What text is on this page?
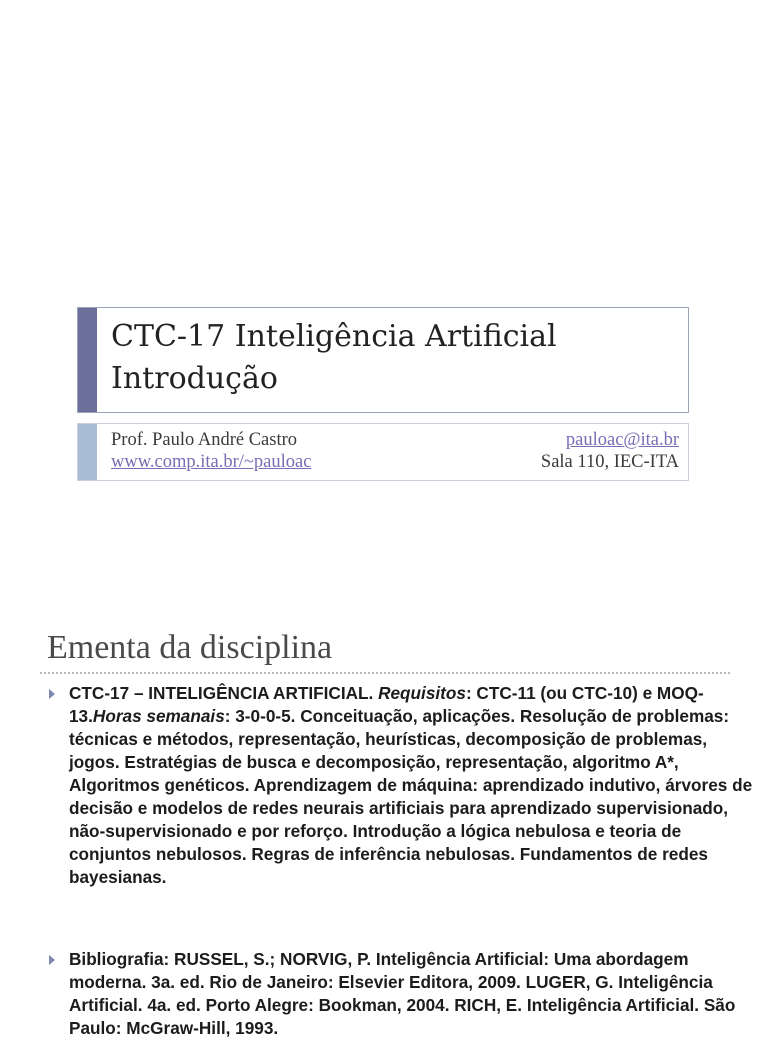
CTC-17 Inteligência Artificial
Introdução
Prof. Paulo André Castro
www.comp.ita.br/~pauloac
pauloac@ita.br
Sala 110, IEC-ITA
Ementa da disciplina

CTC-17 – INTELIGÊNCIA ARTIFICIAL. Requisitos: CTC-11 (ou CTC-10) e MOQ-13.Horas semanais: 3-0-0-5. Conceituação, aplicações. Resolução de problemas: técnicas e métodos, representação, heurísticas, decomposição de problemas, jogos. Estratégias de busca e decomposição, representação, algoritmo A*, Algoritmos genéticos. Aprendizagem de máquina: aprendizado indutivo, árvores de decisão e modelos de redes neurais artificiais para aprendizado supervisionado, não-supervisionado e por reforço. Introdução a lógica nebulosa e teoria de conjuntos nebulosos. Regras de inferência nebulosas. Fundamentos de redes bayesianas.

Bibliografia: RUSSEL, S.; NORVIG, P. Inteligência Artificial: Uma abordagem moderna. 3a. ed. Rio de Janeiro: Elsevier Editora, 2009. LUGER, G. Inteligência Artificial. 4a. ed. Porto Alegre: Bookman, 2004. RICH, E. Inteligência Artificial. São Paulo: McGraw-Hill, 1993.
